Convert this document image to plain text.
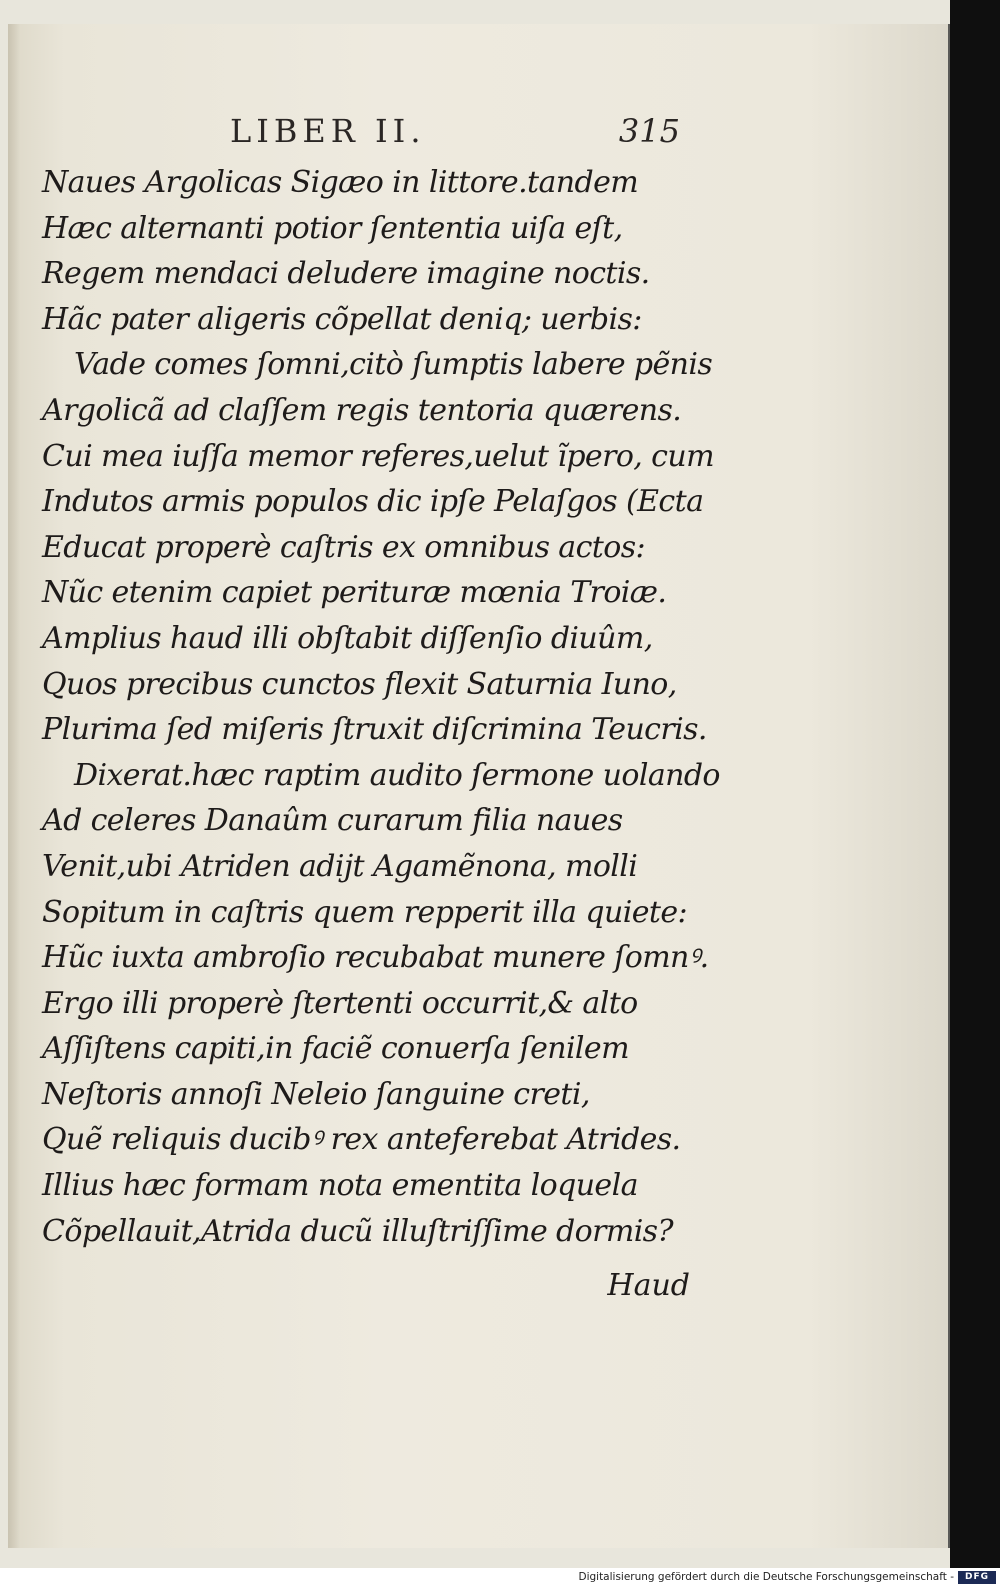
LIBER II.	315
Naues Argolicas Sigæo in littore.tandem
Hæc alternanti potior ſententia uiſa eſt,
Regem mendaci deludere imagine noctis.
Hãc pater aligeris cõpellat deniq; uerbis:
Vade comes ſomni,citò ſumptis labere pẽnis
Argolicã ad claſſem regis tentoria quærens.
Cui mea iuſſa memor referes,uelut ĩpero, cum
Indutos armis populos dic ipſe Pelaſgos (Ecta
Educat properè caſtris ex omnibus actos:
Nũc etenim capiet perituræ mœnia Troiæ.
Amplius haud illi obſtabit diſſenſio diuûm,
Quos precibus cunctos flexit Saturnia Iuno,
Plurima ſed miſeris ſtruxit diſcrimina Teucris.
Dixerat.hæc raptim audito ſermone uolando
Ad celeres Danaûm curarum filia naues
Venit,ubi Atriden adijt Agamẽnona, molli
Sopitum in caſtris quem repperit illa quiete:
Hũc iuxta ambroſio recubabat munere ſomnꝰ.
Ergo illi properè ſtertenti occurrit,& alto
Aſſiſtens capiti,in faciẽ conuerſa ſenilem
Neſtoris annoſi Neleio ſanguine creti,
Quẽ reliquis ducibꝰ rex anteferebat Atrides.
Illius hæc formam nota ementita loquela
Cõpellauit,Atrida ducũ illuſtriſſime dormis?
Haud
Digitalisierung gefördert durch die Deutsche Forschungsgemeinschaft -	DFG
